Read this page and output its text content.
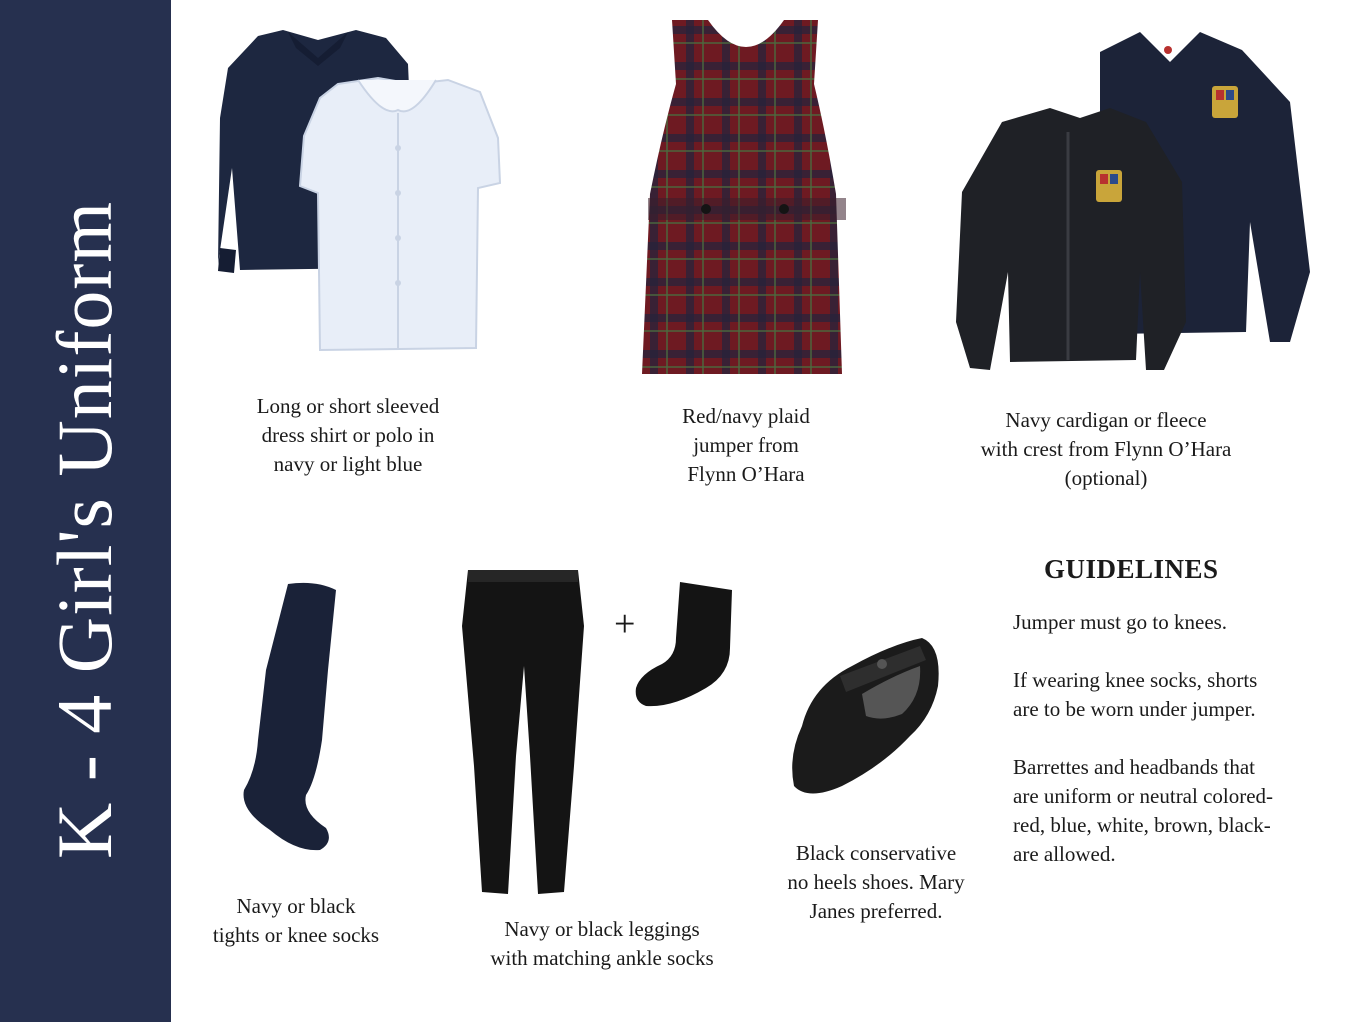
K - 4 Girl's Uniform	Long or short sleeved
dress shirt or polo in
navy or light blue

Red/navy plaid
jumper from
Flynn O’Hara

Navy cardigan or fleece
with crest from Flynn O’Hara
(optional)

Navy or black
tights or knee socks

+

Navy or black leggings
with matching ankle socks

Black conservative
no heels shoes. Mary
Janes preferred.

GUIDELINES

Jumper must go to knees.

If wearing knee socks, shorts
are to be worn under jumper.

Barrettes and headbands that
are uniform or neutral colored-
red, blue, white, brown, black-
are allowed.
